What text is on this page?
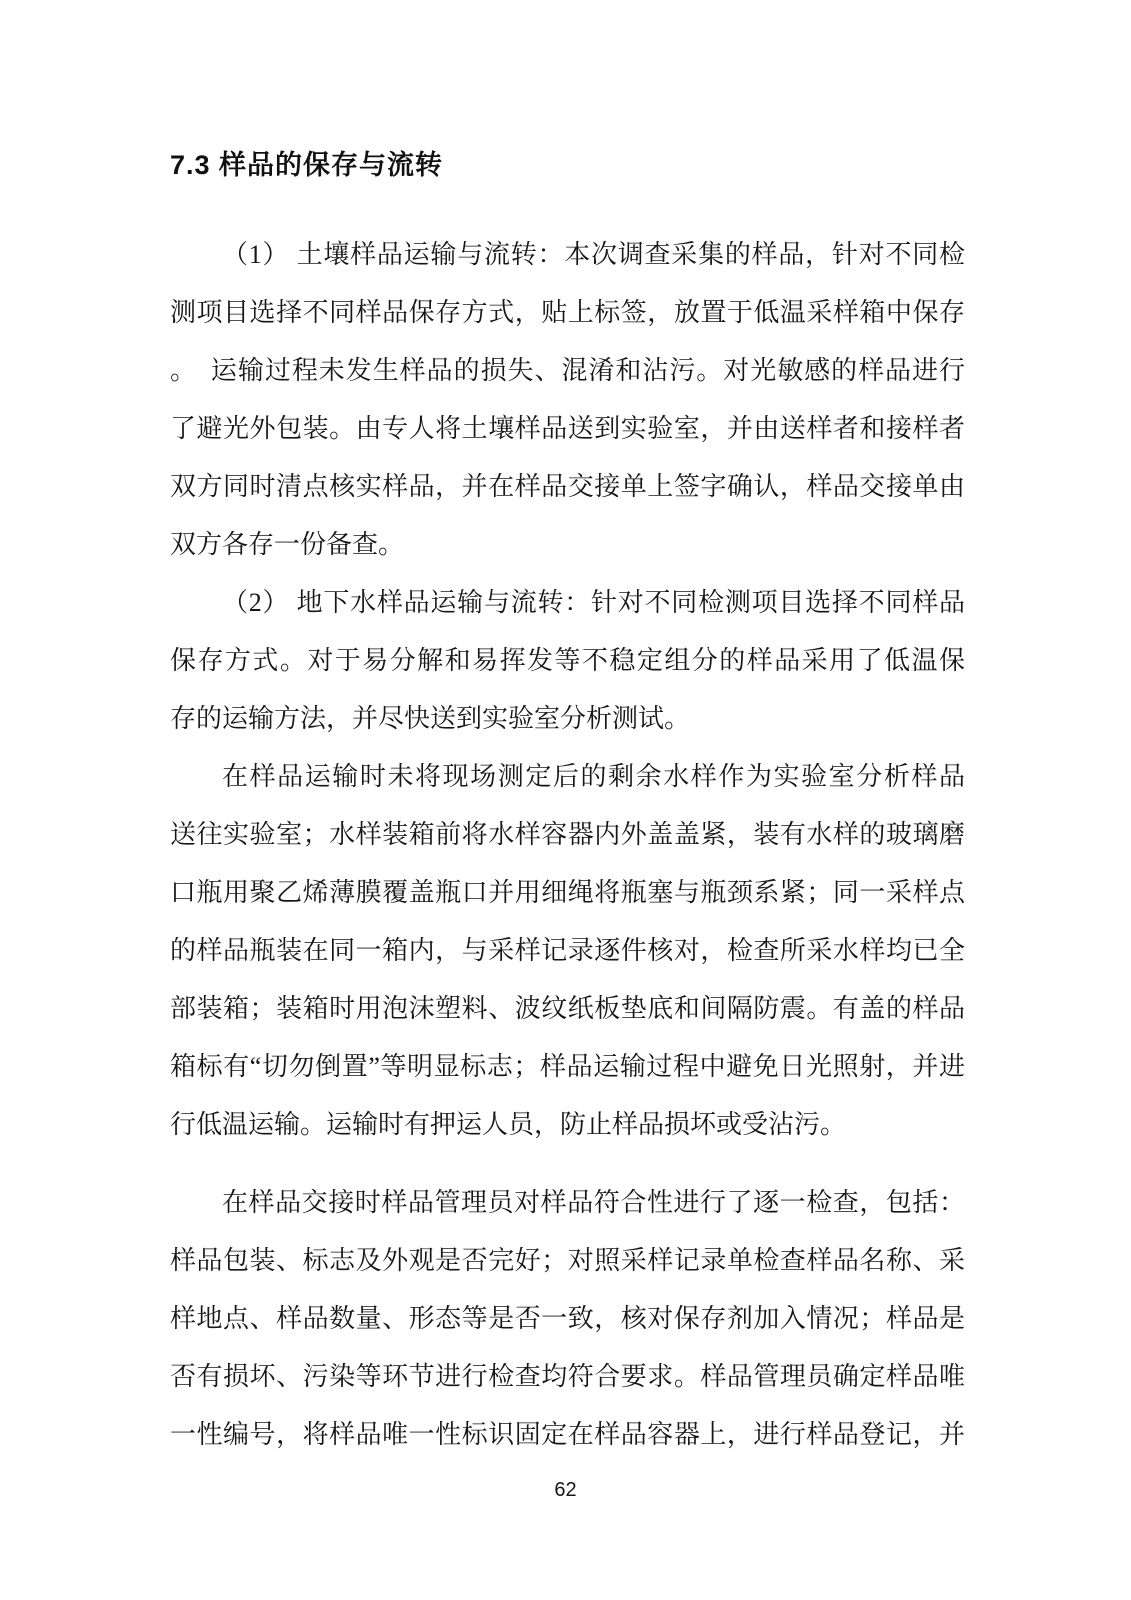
7.3 样品的保存与流转
（1） 土壤样品运输与流转：本次调查采集的样品，针对不同检
测项目选择不同样品保存方式，贴上标签，放置于低温采样箱中保存
。　运输过程未发生样品的损失、混淆和沾污。对光敏感的样品进行
了避光外包装。由专人将土壤样品送到实验室，并由送样者和接样者
双方同时清点核实样品，并在样品交接单上签字确认，样品交接单由
双方各存一份备查。
（2） 地下水样品运输与流转：针对不同检测项目选择不同样品
保存方式。对于易分解和易挥发等不稳定组分的样品采用了低温保
存的运输方法，并尽快送到实验室分析测试。
在样品运输时未将现场测定后的剩余水样作为实验室分析样品
送往实验室；水样装箱前将水样容器内外盖盖紧，装有水样的玻璃磨
口瓶用聚乙烯薄膜覆盖瓶口并用细绳将瓶塞与瓶颈系紧；同一采样点
的样品瓶装在同一箱内，与采样记录逐件核对，检查所采水样均已全
部装箱；装箱时用泡沫塑料、波纹纸板垫底和间隔防震。有盖的样品
箱标有“切勿倒置”等明显标志；样品运输过程中避免日光照射，并进
行低温运输。运输时有押运人员，防止样品损坏或受沾污。
在样品交接时样品管理员对样品符合性进行了逐一检查，包括：
样品包装、标志及外观是否完好；对照采样记录单检查样品名称、采
样地点、样品数量、形态等是否一致，核对保存剂加入情况；样品是
否有损坏、污染等环节进行检查均符合要求。样品管理员确定样品唯
一性编号，将样品唯一性标识固定在样品容器上，进行样品登记，并
62
